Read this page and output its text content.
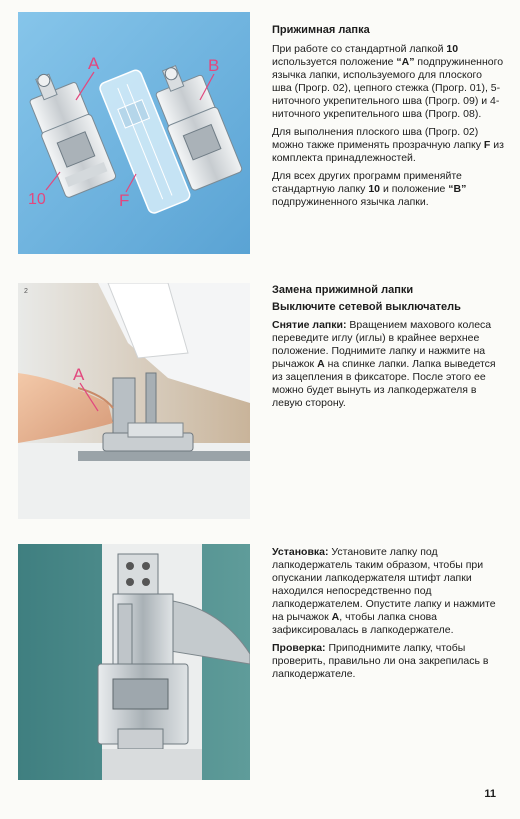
A	B
10	F
Прижимная лапка

При работе со стандартной лапкой 10 используется положение “A” подпружиненного язычка лапки, используемого для плоского шва (Прогр. 02), цепного стежка (Прогр. 01), 5-ниточного укрепительного шва (Прогр. 09) и 4-ниточного укрепительного шва (Прогр. 08).

Для выполнения плоского шва (Прогр. 02) можно также применять прозрачную лапку F из комплекта принадлежностей.

Для всех других программ применяйте стандартную лапку 10 и положение “B” подпружиненного язычка лапки.

A
2	Замена прижимной лапки
Выключите сетевой выключатель

Снятие лапки: Вращением махового колеса переведите иглу (иглы) в крайнее верхнее положение. Поднимите лапку и нажмите на рычажок A на спинке лапки. Лапка выведется из зацепления в фиксаторе. После этого ее можно будет вынуть из лапкодержателя в левую сторону.

Установка: Установите лапку под лапкодержатель таким образом, чтобы при опускании лапкодержателя штифт лапки находился непосредственно под лапкодержателем. Опустите лапку и нажмите на рычажок A, чтобы лапка снова зафиксировалась в лапкодержателе.

Проверка: Приподнимите лапку, чтобы проверить, правильно ли она закрепилась в лапкодержателе.

11
